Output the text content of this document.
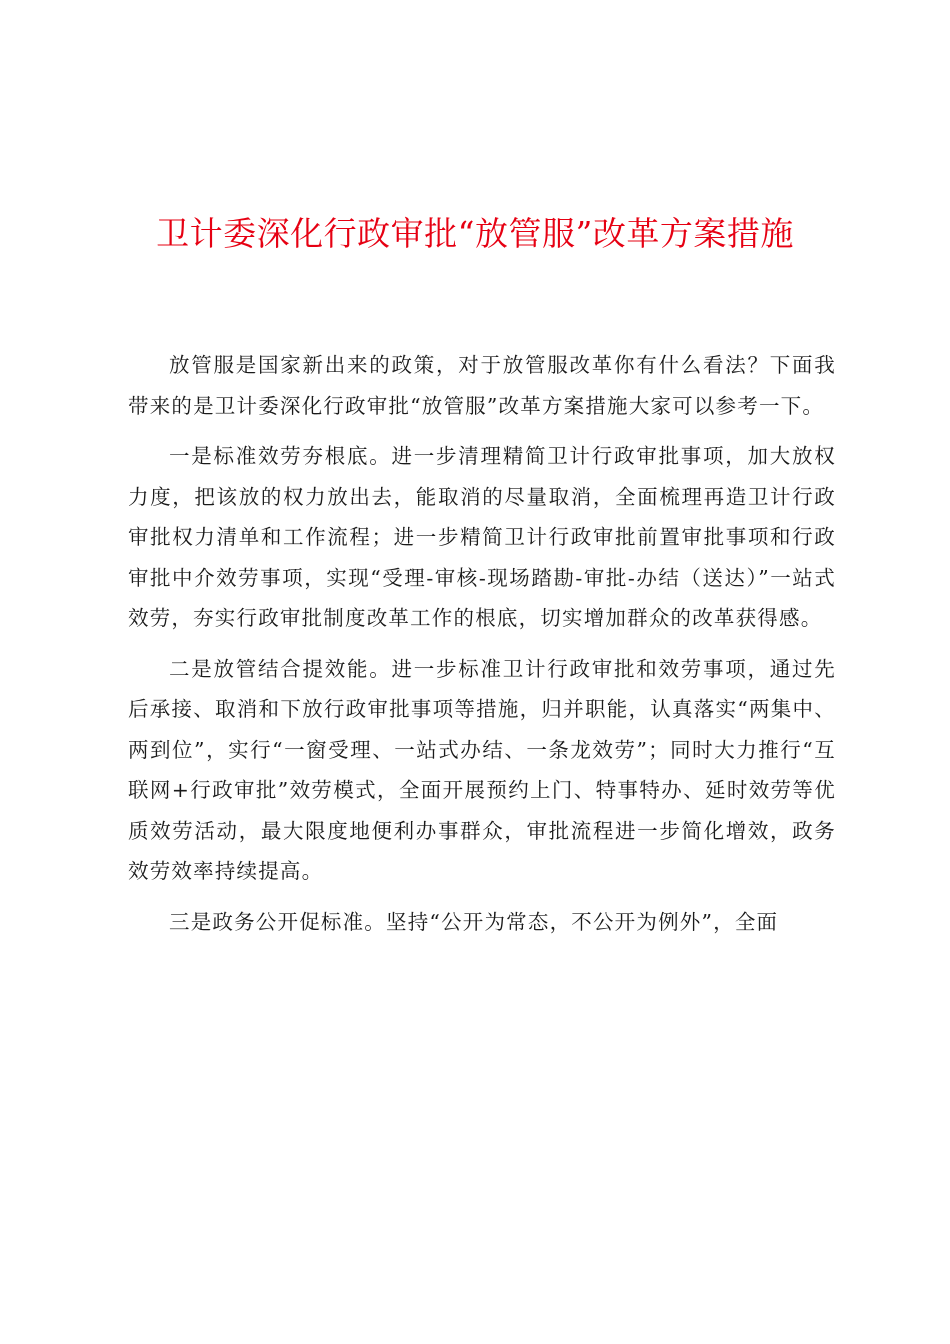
卫计委深化行政审批“放管服”改革方案措施

放管服是国家新出来的政策，对于放管服改革你有什么看法？下面我带来的是卫计委深化行政审批“放管服”改革方案措施大家可以参考一下。

一是标准效劳夯根底。进一步清理精简卫计行政审批事项，加大放权力度，把该放的权力放出去，能取消的尽量取消，全面梳理再造卫计行政审批权力清单和工作流程；进一步精简卫计行政审批前置审批事项和行政审批中介效劳事项，实现“受理-审核-现场踏勘-审批-办结（送达）”一站式效劳，夯实行政审批制度改革工作的根底，切实增加群众的改革获得感。

二是放管结合提效能。进一步标准卫计行政审批和效劳事项，通过先后承接、取消和下放行政审批事项等措施，归并职能，认真落实“两集中、两到位”，实行“一窗受理、一站式办结、一条龙效劳”；同时大力推行“互联网+行政审批”效劳模式，全面开展预约上门、特事特办、延时效劳等优质效劳活动，最大限度地便利办事群众，审批流程进一步简化增效，政务效劳效率持续提高。

三是政务公开促标准。坚持“公开为常态，不公开为例外”，全面
